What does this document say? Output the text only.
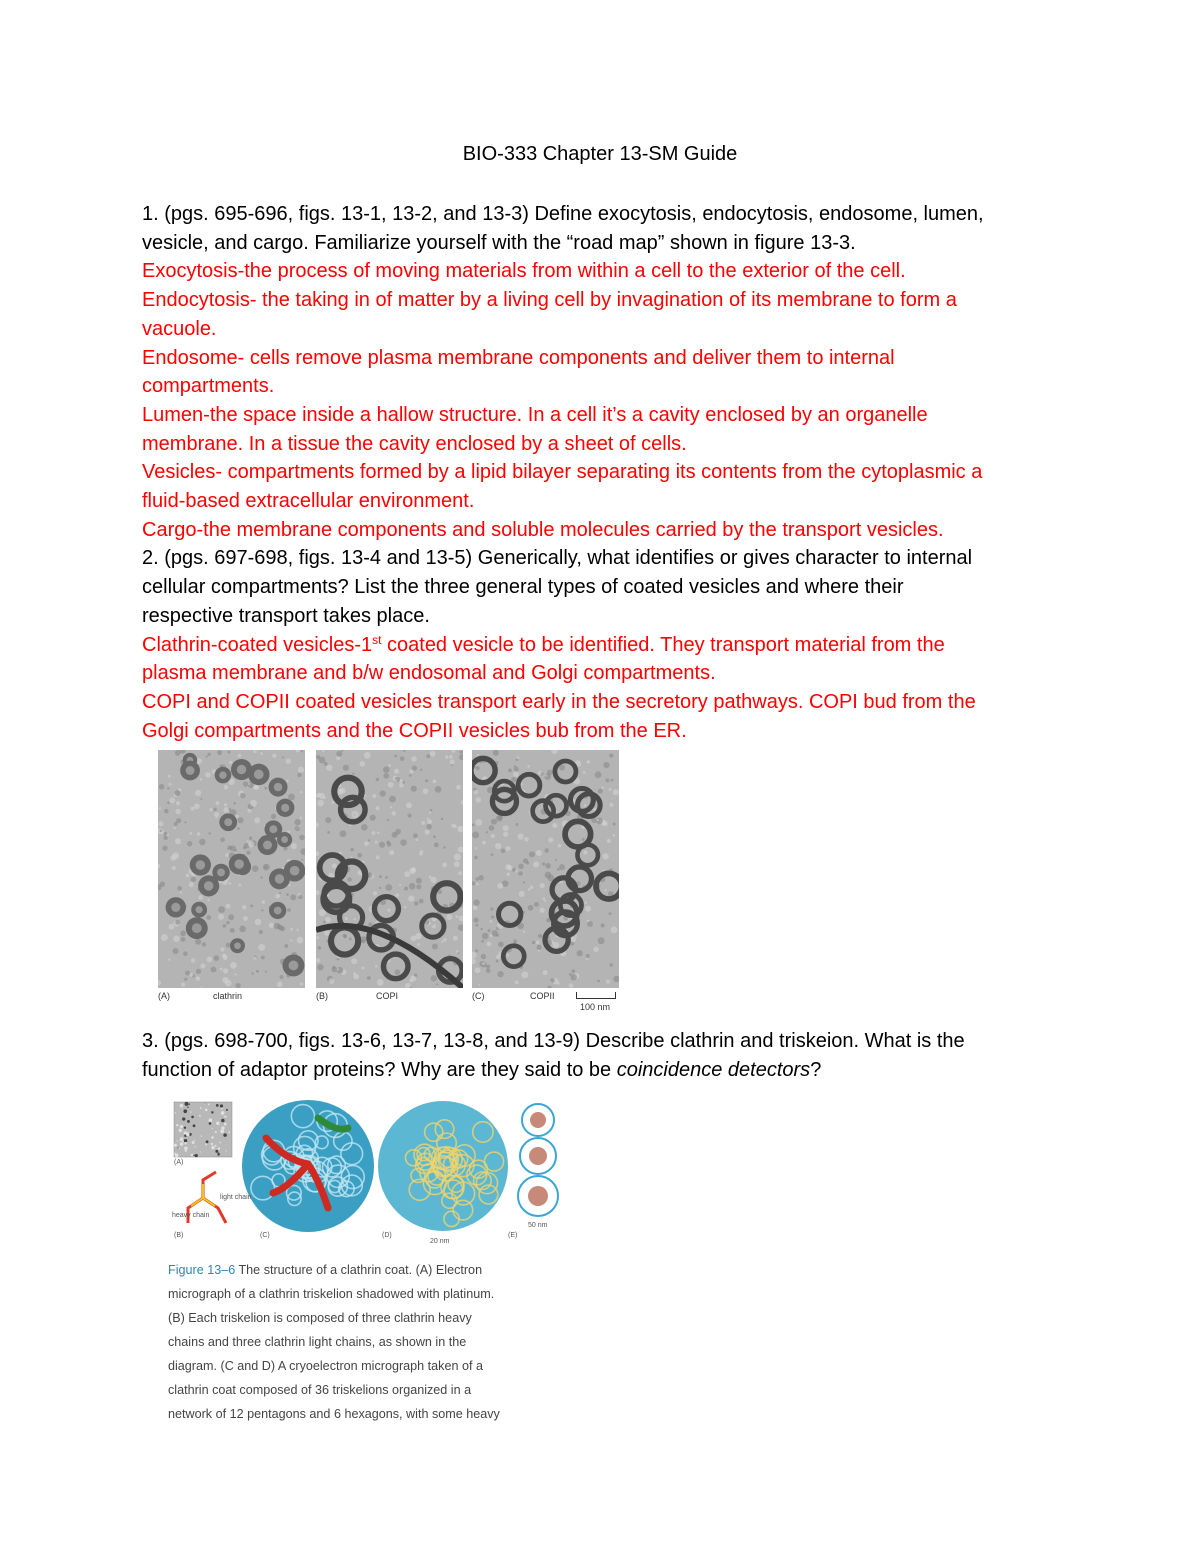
BIO-333 Chapter 13-SM Guide
1. (pgs. 695-696, figs. 13-1, 13-2, and 13-3) Define exocytosis, endocytosis, endosome, lumen,
vesicle, and cargo. Familiarize yourself with the “road map” shown in figure 13-3.
Exocytosis-the process of moving materials from within a cell to the exterior of the cell.
Endocytosis- the taking in of matter by a living cell by invagination of its membrane to form a
vacuole.
Endosome- cells remove plasma membrane components and deliver them to internal
compartments.
Lumen-the space inside a hallow structure. In a cell it’s a cavity enclosed by an organelle
membrane. In a tissue the cavity enclosed by a sheet of cells.
Vesicles- compartments formed by a lipid bilayer separating its contents from the cytoplasmic a
fluid-based extracellular environment.
Cargo-the membrane components and soluble molecules carried by the transport vesicles.
2. (pgs. 697-698, figs. 13-4 and 13-5) Generically, what identifies or gives character to internal
cellular compartments? List the three general types of coated vesicles and where their
respective transport takes place.
Clathrin-coated vesicles-1st coated vesicle to be identified. They transport material from the
plasma membrane and b/w endosomal and Golgi compartments.
COPI and COPII coated vesicles transport early in the secretory pathways. COPI bud from the
Golgi compartments and the COPII vesicles bub from the ER.
(A)	clathrin	(B)	COPI	(C)	COPII
100 nm
3. (pgs. 698-700, figs. 13-6, 13-7, 13-8, and 13-9) Describe clathrin and triskeion. What is the
function of adaptor proteins? Why are they said to be coincidence detectors?
(A)
(B)	(C)	(D)	(E)
light chain
heavy chain
20 nm
50 nm
Figure 13–6 The structure of a clathrin coat. (A) Electron
micrograph of a clathrin triskelion shadowed with platinum.
(B) Each triskelion is composed of three clathrin heavy
chains and three clathrin light chains, as shown in the
diagram. (C and D) A cryoelectron micrograph taken of a
clathrin coat composed of 36 triskelions organized in a
network of 12 pentagons and 6 hexagons, with some heavy
